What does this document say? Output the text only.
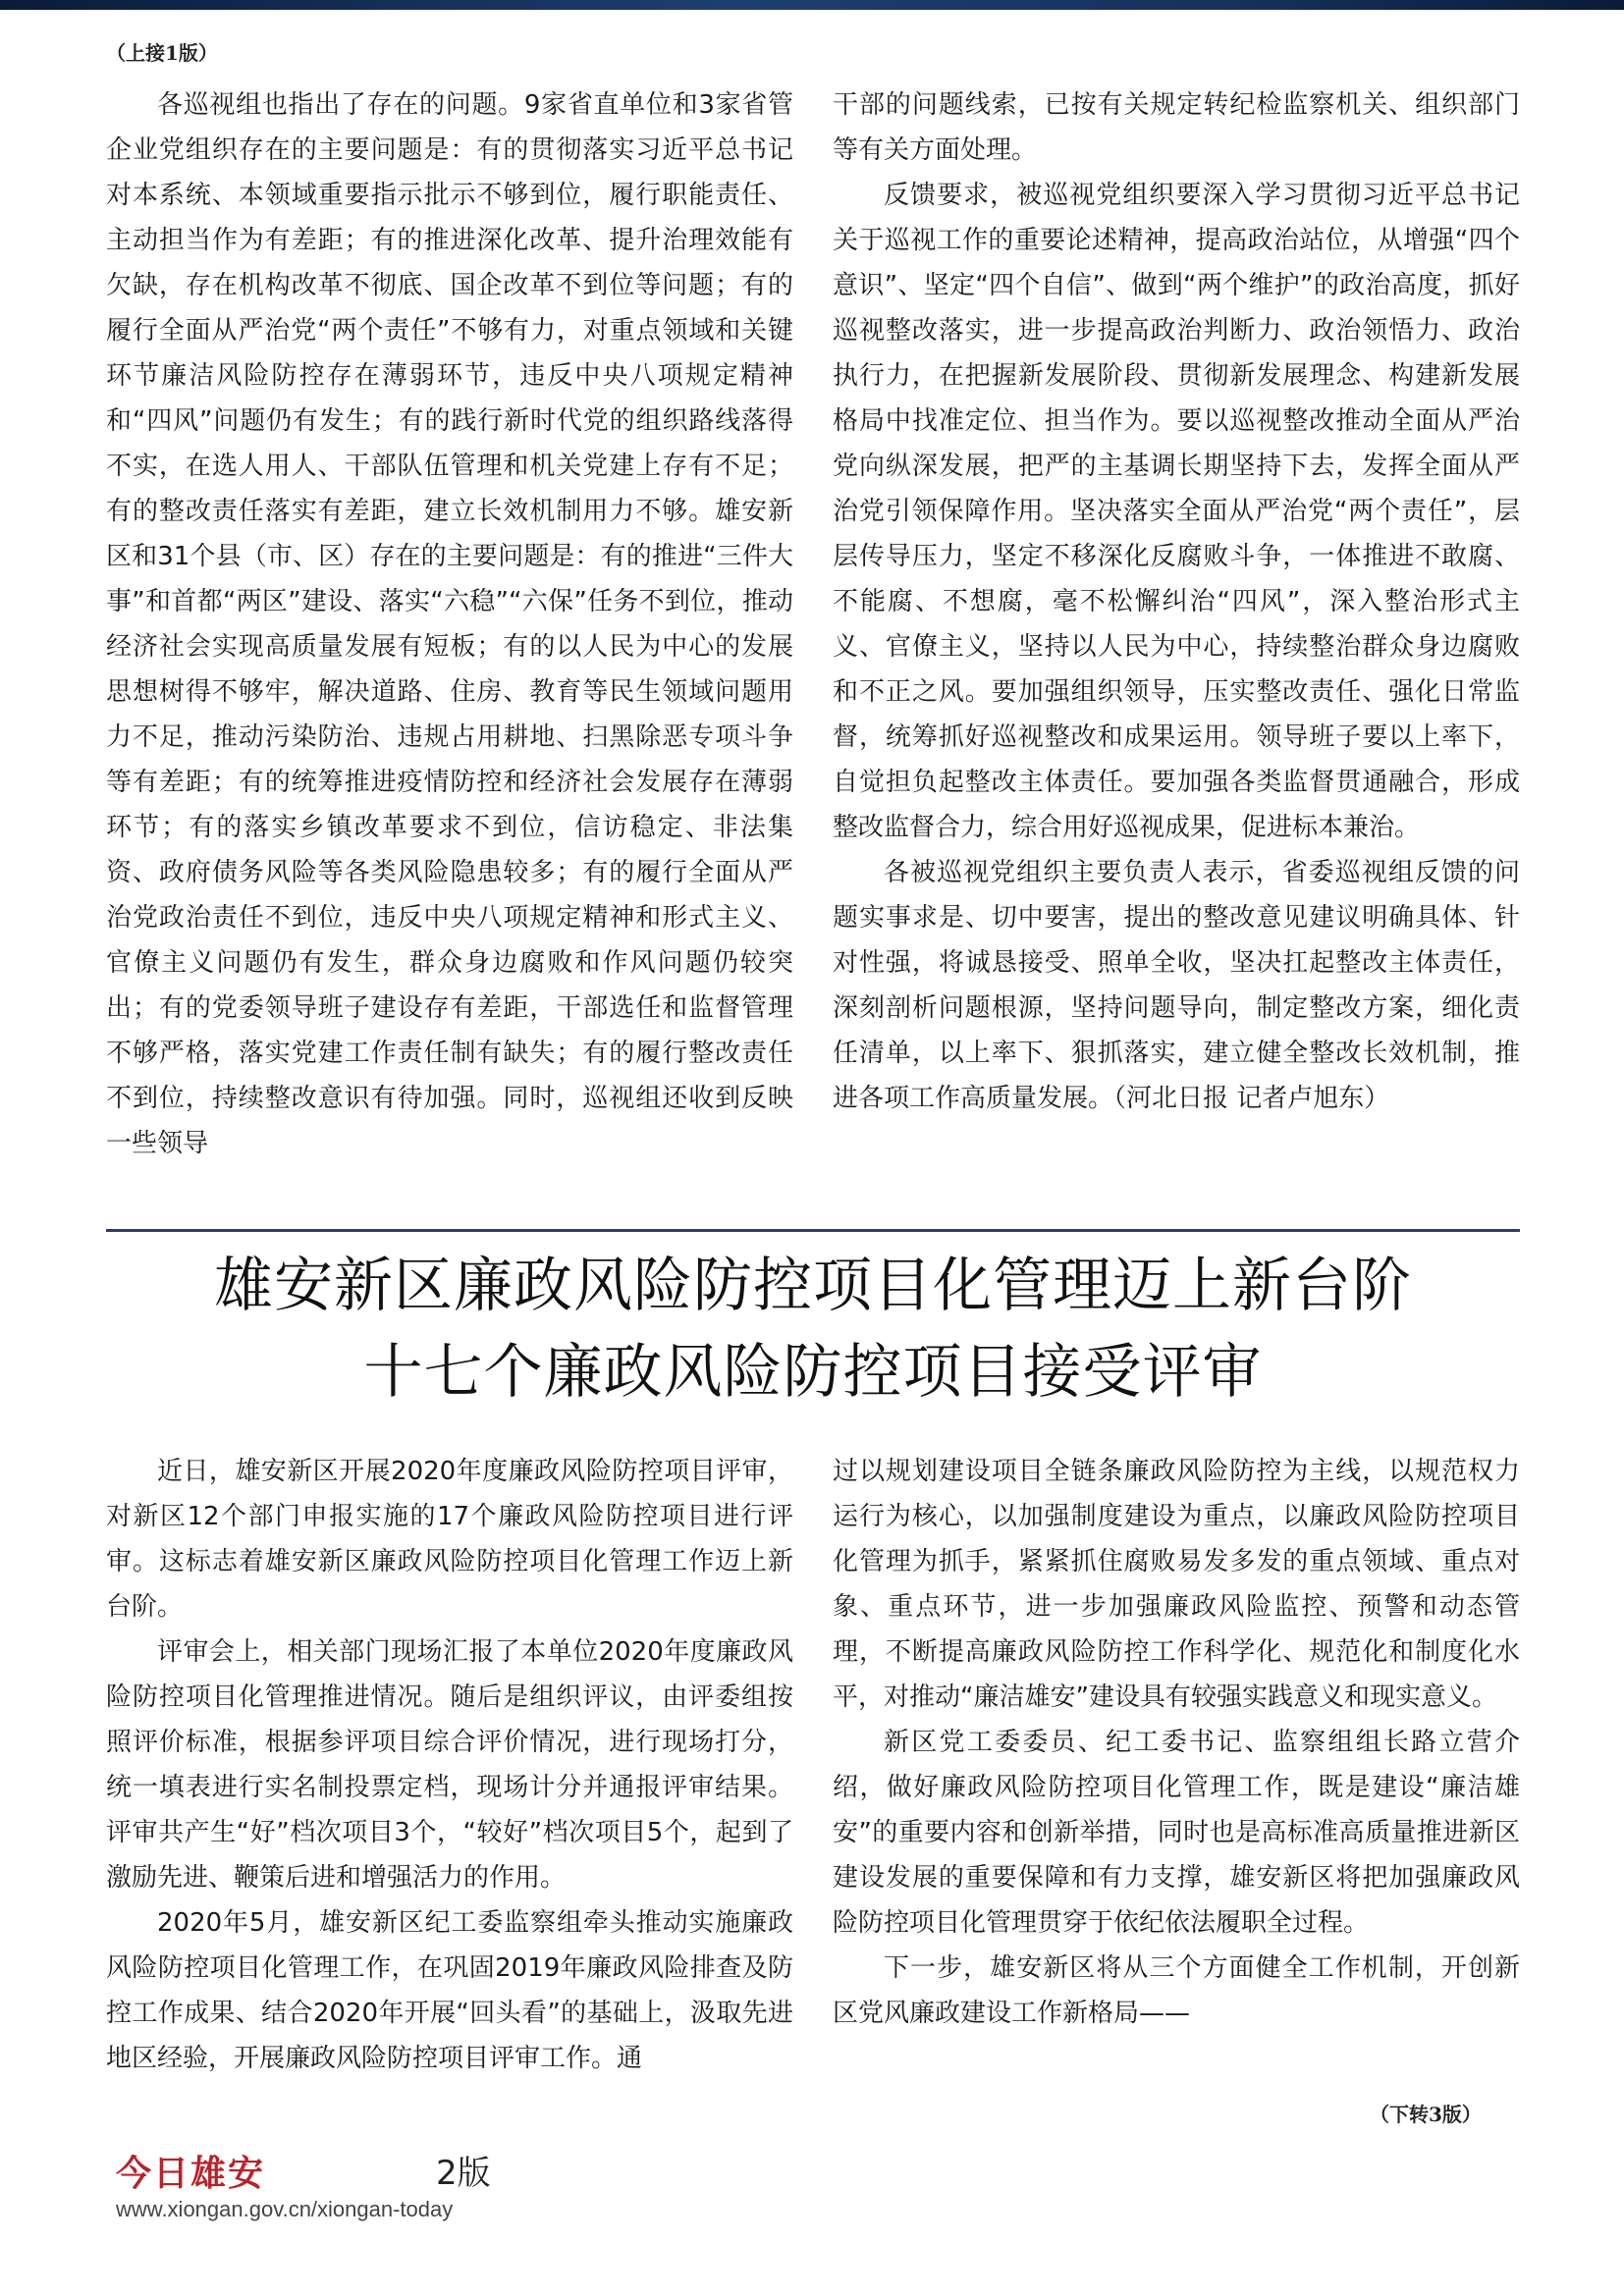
（上接1版）

各巡视组也指出了存在的问题。9家省直单位和3家省管企业党组织存在的主要问题是：有的贯彻落实习近平总书记对本系统、本领域重要指示批示不够到位，履行职能责任、主动担当作为有差距；有的推进深化改革、提升治理效能有欠缺，存在机构改革不彻底、国企改革不到位等问题；有的履行全面从严治党“两个责任”不够有力，对重点领域和关键环节廉洁风险防控存在薄弱环节，违反中央八项规定精神和“四风”问题仍有发生；有的践行新时代党的组织路线落得不实，在选人用人、干部队伍管理和机关党建上存有不足；有的整改责任落实有差距，建立长效机制用力不够。雄安新区和31个县（市、区）存在的主要问题是：有的推进“三件大事”和首都“两区”建设、落实“六稳”“六保”任务不到位，推动经济社会实现高质量发展有短板；有的以人民为中心的发展思想树得不够牢，解决道路、住房、教育等民生领域问题用力不足，推动污染防治、违规占用耕地、扫黑除恶专项斗争等有差距；有的统筹推进疫情防控和经济社会发展存在薄弱环节；有的落实乡镇改革要求不到位，信访稳定、非法集资、政府债务风险等各类风险隐患较多；有的履行全面从严治党政治责任不到位，违反中央八项规定精神和形式主义、官僚主义问题仍有发生，群众身边腐败和作风问题仍较突出；有的党委领导班子建设存有差距，干部选任和监督管理不够严格，落实党建工作责任制有缺失；有的履行整改责任不到位，持续整改意识有待加强。同时，巡视组还收到反映一些领导

干部的问题线索，已按有关规定转纪检监察机关、组织部门等有关方面处理。

反馈要求，被巡视党组织要深入学习贯彻习近平总书记关于巡视工作的重要论述精神，提高政治站位，从增强“四个意识”、坚定“四个自信”、做到“两个维护”的政治高度，抓好巡视整改落实，进一步提高政治判断力、政治领悟力、政治执行力，在把握新发展阶段、贯彻新发展理念、构建新发展格局中找准定位、担当作为。要以巡视整改推动全面从严治党向纵深发展，把严的主基调长期坚持下去，发挥全面从严治党引领保障作用。坚决落实全面从严治党“两个责任”，层层传导压力，坚定不移深化反腐败斗争，一体推进不敢腐、不能腐、不想腐，毫不松懈纠治“四风”，深入整治形式主义、官僚主义，坚持以人民为中心，持续整治群众身边腐败和不正之风。要加强组织领导，压实整改责任、强化日常监督，统筹抓好巡视整改和成果运用。领导班子要以上率下，自觉担负起整改主体责任。要加强各类监督贯通融合，形成整改监督合力，综合用好巡视成果，促进标本兼治。

各被巡视党组织主要负责人表示，省委巡视组反馈的问题实事求是、切中要害，提出的整改意见建议明确具体、针对性强，将诚恳接受、照单全收，坚决扛起整改主体责任，深刻剖析问题根源，坚持问题导向，制定整改方案，细化责任清单，以上率下、狠抓落实，建立健全整改长效机制，推进各项工作高质量发展。（河北日报 记者卢旭东）

雄安新区廉政风险防控项目化管理迈上新台阶
十七个廉政风险防控项目接受评审

近日，雄安新区开展2020年度廉政风险防控项目评审，对新区12个部门申报实施的17个廉政风险防控项目进行评审。这标志着雄安新区廉政风险防控项目化管理工作迈上新台阶。

评审会上，相关部门现场汇报了本单位2020年度廉政风险防控项目化管理推进情况。随后是组织评议，由评委组按照评价标准，根据参评项目综合评价情况，进行现场打分，统一填表进行实名制投票定档，现场计分并通报评审结果。评审共产生“好”档次项目3个，“较好”档次项目5个，起到了激励先进、鞭策后进和增强活力的作用。

2020年5月，雄安新区纪工委监察组牵头推动实施廉政风险防控项目化管理工作，在巩固2019年廉政风险排查及防控工作成果、结合2020年开展“回头看”的基础上，汲取先进地区经验，开展廉政风险防控项目评审工作。通

过以规划建设项目全链条廉政风险防控为主线，以规范权力运行为核心，以加强制度建设为重点，以廉政风险防控项目化管理为抓手，紧紧抓住腐败易发多发的重点领域、重点对象、重点环节，进一步加强廉政风险监控、预警和动态管理，不断提高廉政风险防控工作科学化、规范化和制度化水平，对推动“廉洁雄安”建设具有较强实践意义和现实意义。

新区党工委委员、纪工委书记、监察组组长路立营介绍，做好廉政风险防控项目化管理工作，既是建设“廉洁雄安”的重要内容和创新举措，同时也是高标准高质量推进新区建设发展的重要保障和有力支撑，雄安新区将把加强廉政风险防控项目化管理贯穿于依纪依法履职全过程。

下一步，雄安新区将从三个方面健全工作机制，开创新区党风廉政建设工作新格局——

（下转3版）
今日雄安	2版
www.xiongan.gov.cn/xiongan-today
